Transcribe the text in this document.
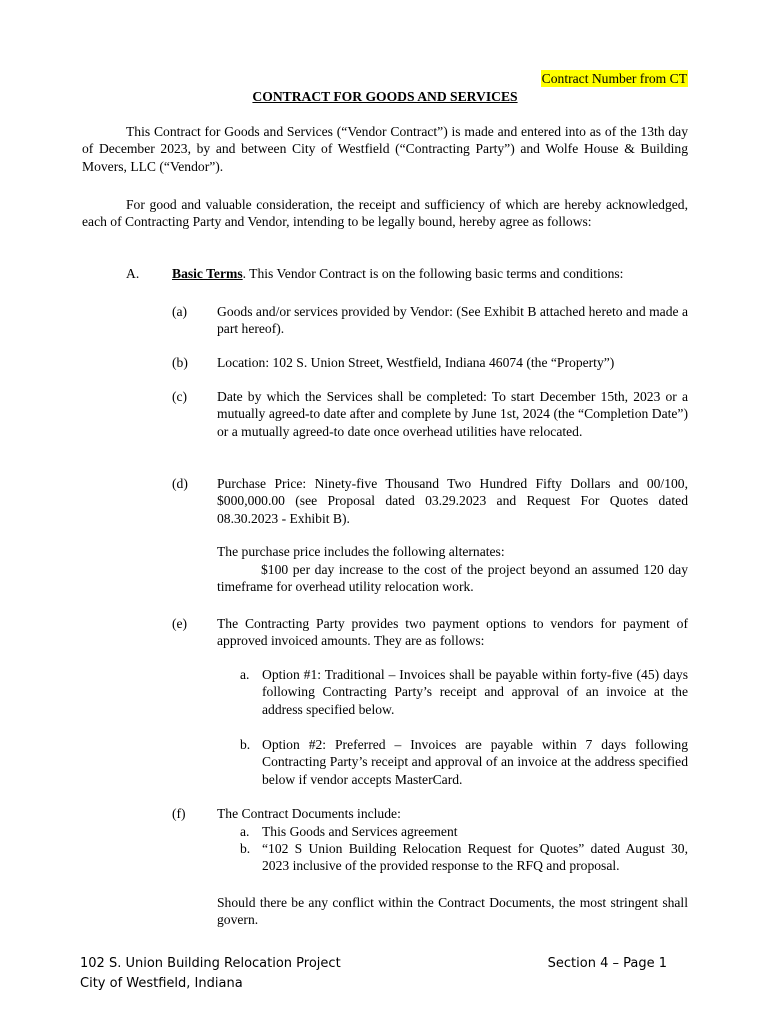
Contract Number from CT
CONTRACT FOR GOODS AND SERVICES
This Contract for Goods and Services (“Vendor Contract”) is made and entered into as of the 13th day of December 2023, by and between City of Westfield (“Contracting Party”) and Wolfe House & Building Movers, LLC (“Vendor”).
For good and valuable consideration, the receipt and sufficiency of which are hereby acknowledged, each of Contracting Party and Vendor, intending to be legally bound, hereby agree as follows:
A. Basic Terms. This Vendor Contract is on the following basic terms and conditions:
(a) Goods and/or services provided by Vendor: (See Exhibit B attached hereto and made a part hereof).
(b) Location: 102 S. Union Street, Westfield, Indiana 46074 (the “Property”)
(c) Date by which the Services shall be completed: To start December 15th, 2023 or a mutually agreed-to date after and complete by June 1st, 2024 (the “Completion Date”) or a mutually agreed-to date once overhead utilities have relocated.
(d) Purchase Price: Ninety-five Thousand Two Hundred Fifty Dollars and 00/100, $000,000.00 (see Proposal dated 03.29.2023 and Request For Quotes dated 08.30.2023 - Exhibit B).
The purchase price includes the following alternates:
$100 per day increase to the cost of the project beyond an assumed 120 day timeframe for overhead utility relocation work.
(e) The Contracting Party provides two payment options to vendors for payment of approved invoiced amounts. They are as follows:
a. Option #1: Traditional – Invoices shall be payable within forty-five (45) days following Contracting Party’s receipt and approval of an invoice at the address specified below.
b. Option #2: Preferred – Invoices are payable within 7 days following Contracting Party’s receipt and approval of an invoice at the address specified below if vendor accepts MasterCard.
(f) The Contract Documents include:
a. This Goods and Services agreement
b. “102 S Union Building Relocation Request for Quotes” dated August 30, 2023 inclusive of the provided response to the RFQ and proposal.
Should there be any conflict within the Contract Documents, the most stringent shall govern.
102 S. Union Building Relocation Project
City of Westfield, Indiana
Section 4 – Page 1
